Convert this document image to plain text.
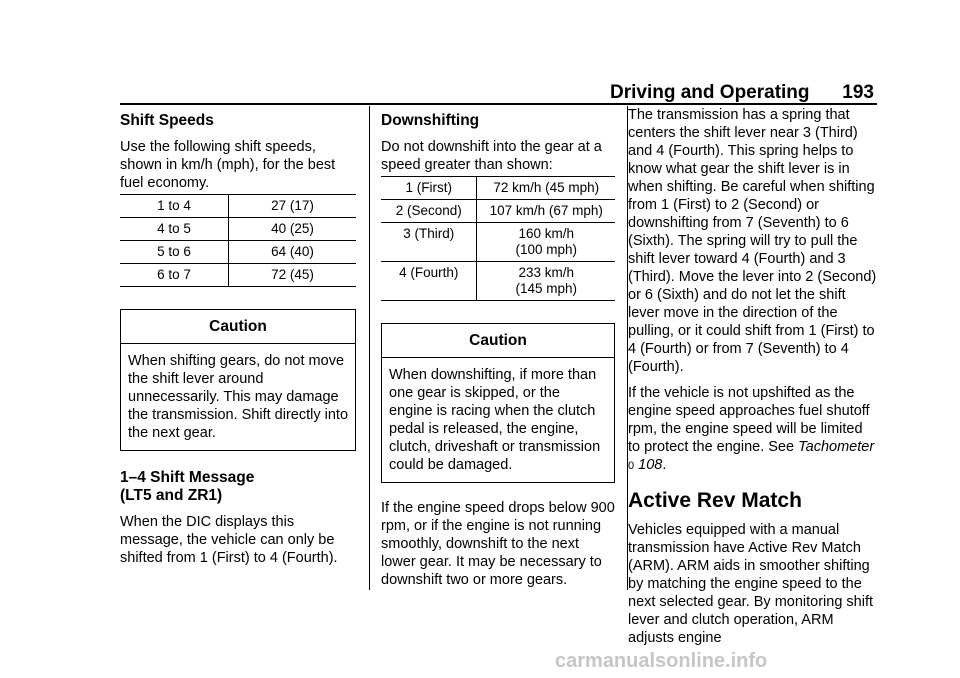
Driving and Operating 193
Shift Speeds

Use the following shift speeds, shown in km/h (mph), for the best fuel economy.

1 to 4	27 (17)
4 to 5	40 (25)
5 to 6	64 (40)
6 to 7	72 (45)
Caution
When shifting gears, do not move the shift lever around unnecessarily. This may damage the transmission. Shift directly into the next gear.
1–4 Shift Message
(LT5 and ZR1)

When the DIC displays this message, the vehicle can only be shifted from 1 (First) to 4 (Fourth).

Downshifting

Do not downshift into the gear at a speed greater than shown:

1 (First)	72 km/h (45 mph)
2 (Second)	107 km/h (67 mph)
3 (Third)	160 km/h
(100 mph)
4 (Fourth)	233 km/h
(145 mph)
Caution
When downshifting, if more than one gear is skipped, or the engine is racing when the clutch pedal is released, the engine, clutch, driveshaft or transmission could be damaged.

If the engine speed drops below 900 rpm, or if the engine is not running smoothly, downshift to the next lower gear. It may be necessary to downshift two or more gears.

The transmission has a spring that centers the shift lever near 3 (Third) and 4 (Fourth). This spring helps to know what gear the shift lever is in when shifting. Be careful when shifting from 1 (First) to 2 (Second) or downshifting from 7 (Seventh) to 6 (Sixth). The spring will try to pull the shift lever toward 4 (Fourth) and 3 (Third). Move the lever into 2 (Second) or 6 (Sixth) and do not let the shift lever move in the direction of the pulling, or it could shift from 1 (First) to 4 (Fourth) or from 7 (Seventh) to 4 (Fourth).

If the vehicle is not upshifted as the engine speed approaches fuel shutoff rpm, the engine speed will be limited to protect the engine. See Tachometer 0 108.

Active Rev Match

Vehicles equipped with a manual transmission have Active Rev Match (ARM). ARM aids in smoother shifting by matching the engine speed to the next selected gear. By monitoring shift lever and clutch operation, ARM adjusts engine

carmanualsonline.info
